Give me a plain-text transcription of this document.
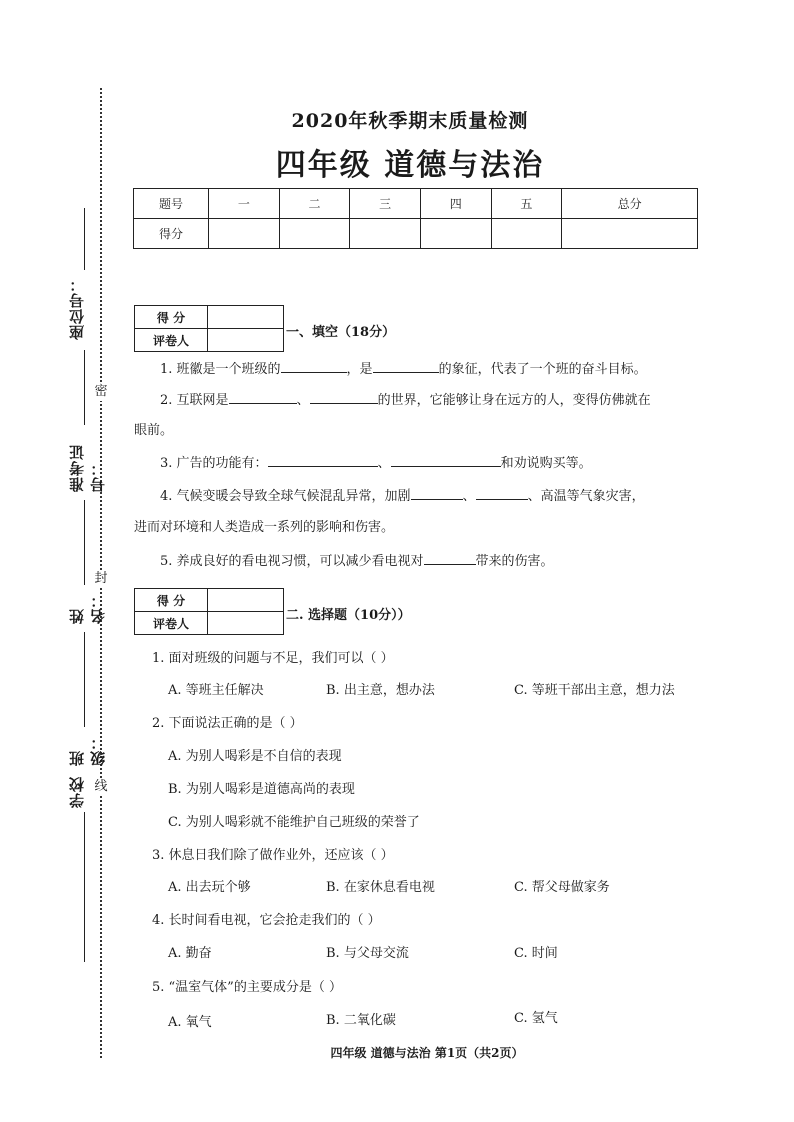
密
封
线
座位号：
准考证号：
姓名：
班级：
学校
2020年秋季期末质量检测
四年级 道德与法治
题号	一	二	三	四	五	总分
得分						
得 分	
评卷人	
一、填空（18分）
1. 班徽是一个班级的	，是	的象征，代表了一个班的奋斗目标。
2. 互联网是	、	的世界，它能够让身在远方的人，变得仿佛就在
眼前。
3. 广告的功能有：	、	和劝说购买等。
4. 气候变暖会导致全球气候混乱异常，加剧	、	、高温等气象灾害，
进而对环境和人类造成一系列的影响和伤害。
5. 养成良好的看电视习惯，可以减少看电视对	带来的伤害。
得 分	
评卷人	
二. 选择题（10分））
1. 面对班级的问题与不足，我们可以（ ）
A. 等班主任解决	B. 出主意，想办法	C. 等班干部出主意，想力法
2. 下面说法正确的是（ ）
A. 为别人喝彩是不自信的表现
B. 为别人喝彩是道德高尚的表现
C. 为别人喝彩就不能维护自己班级的荣誉了
3. 休息日我们除了做作业外，还应该（ ）
A. 出去玩个够	B. 在家休息看电视	C. 帮父母做家务
4. 长时间看电视，它会抢走我们的（ ）
A. 勤奋	B. 与父母交流	C. 时间
5. “温室气体”的主要成分是（ ）
A. 氧气	B. 二氧化碳	C. 氢气
四年级 道德与法治 第1页（共2页）
